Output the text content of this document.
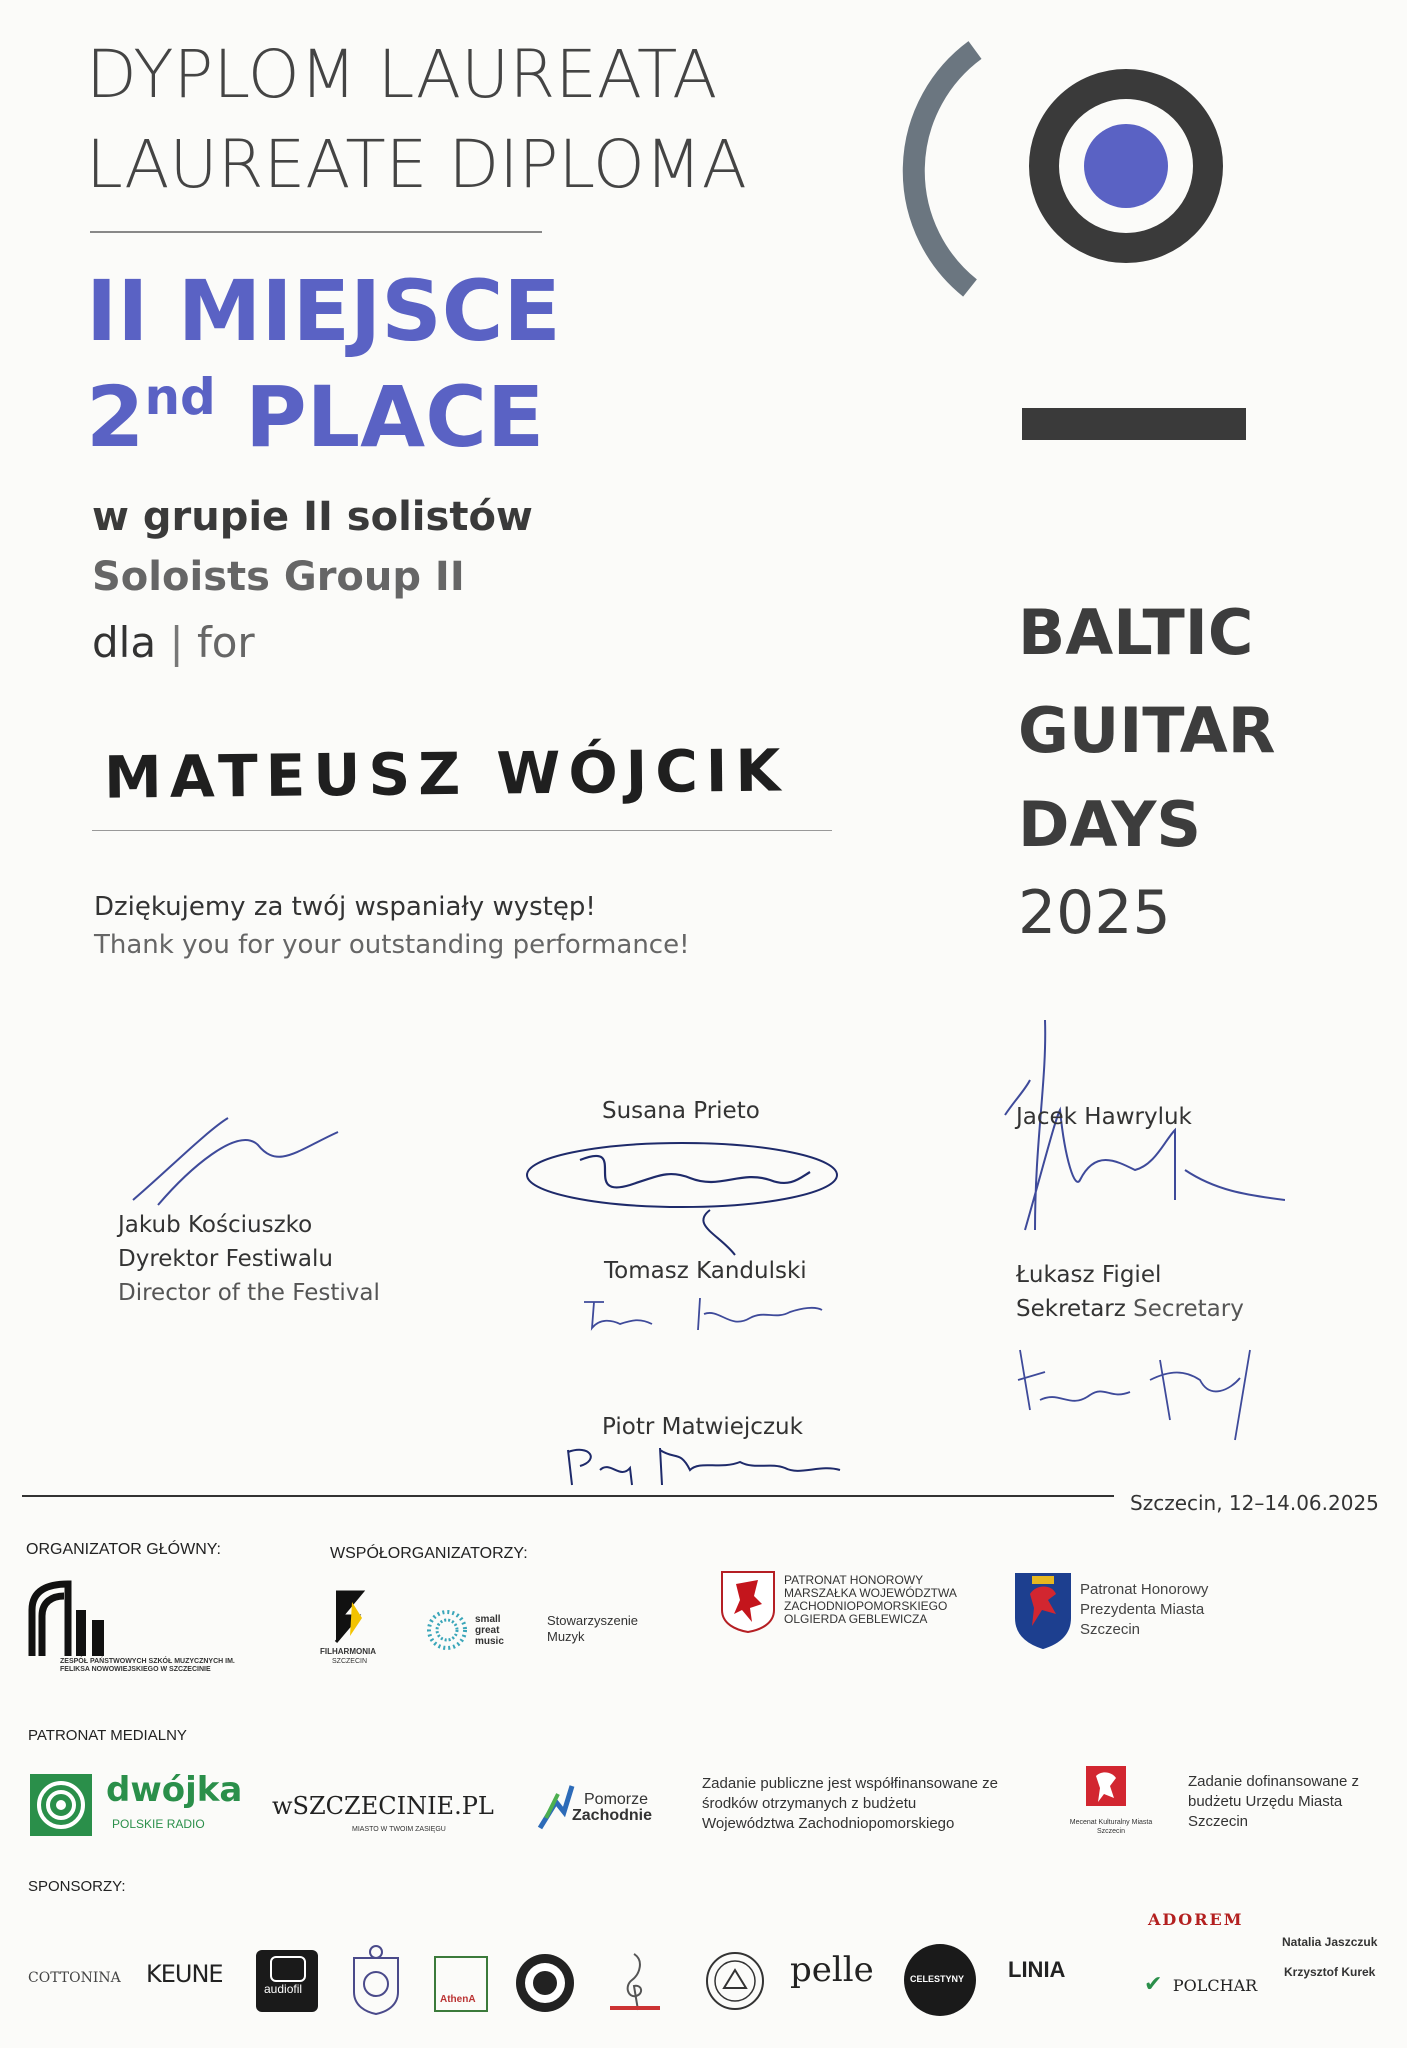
DYPLOM LAUREATA
LAUREATE DIPLOMA
II MIEJSCE
2nd PLACE
w grupie II solistów
Soloists Group II
dla | for
MATEUSZ WÓJCIK
Dziękujemy za twój wspaniały występ!
Thank you for your outstanding performance!
BALTIC
GUITAR
DAYS
2025
Jakub Kościuszko
Dyrektor Festiwalu
Director of the Festival
Susana Prieto	Jacek Hawryluk
Tomasz Kandulski	Łukasz Figiel
Sekretarz Secretary
Piotr Matwiejczuk
Szczecin, 12–14.06.2025
ORGANIZATOR GŁÓWNY:
ZESPÓŁ PAŃSTWOWYCH SZKÓŁ MUZYCZNYCH IM. FELIKSA NOWOWIEJSKIEGO W SZCZECINIE
WSPÓŁORGANIZATORZY:
FILHARMONIA
SZCZECIN
small great music
Stowarzyszenie Muzyk
PATRONAT HONOROWY MARSZAŁKA WOJEWÓDZTWA ZACHODNIOPOMORSKIEGO OLGIERDA GEBLEWICZA
Patronat Honorowy Prezydenta Miasta Szczecin
PATRONAT MEDIALNY
dwójka
POLSKIE RADIO
wSZCZECINIE.PL
MIASTO W TWOIM ZASIĘGU
Pomorze
Zachodnie
Zadanie publiczne jest współfinansowane ze środków otrzymanych z budżetu Województwa Zachodniopomorskiego	Mecenat Kulturalny Miasta Szczecin
Zadanie dofinansowane z budżetu Urzędu Miasta Szczecin
SPONSORZY:
COTTONINA KEUNE
audiofil
AthenA
pelle	CELESTYNY LINIA
ADOREM
✔ POLCHAR
Natalia Jaszczuk
Krzysztof Kurek
